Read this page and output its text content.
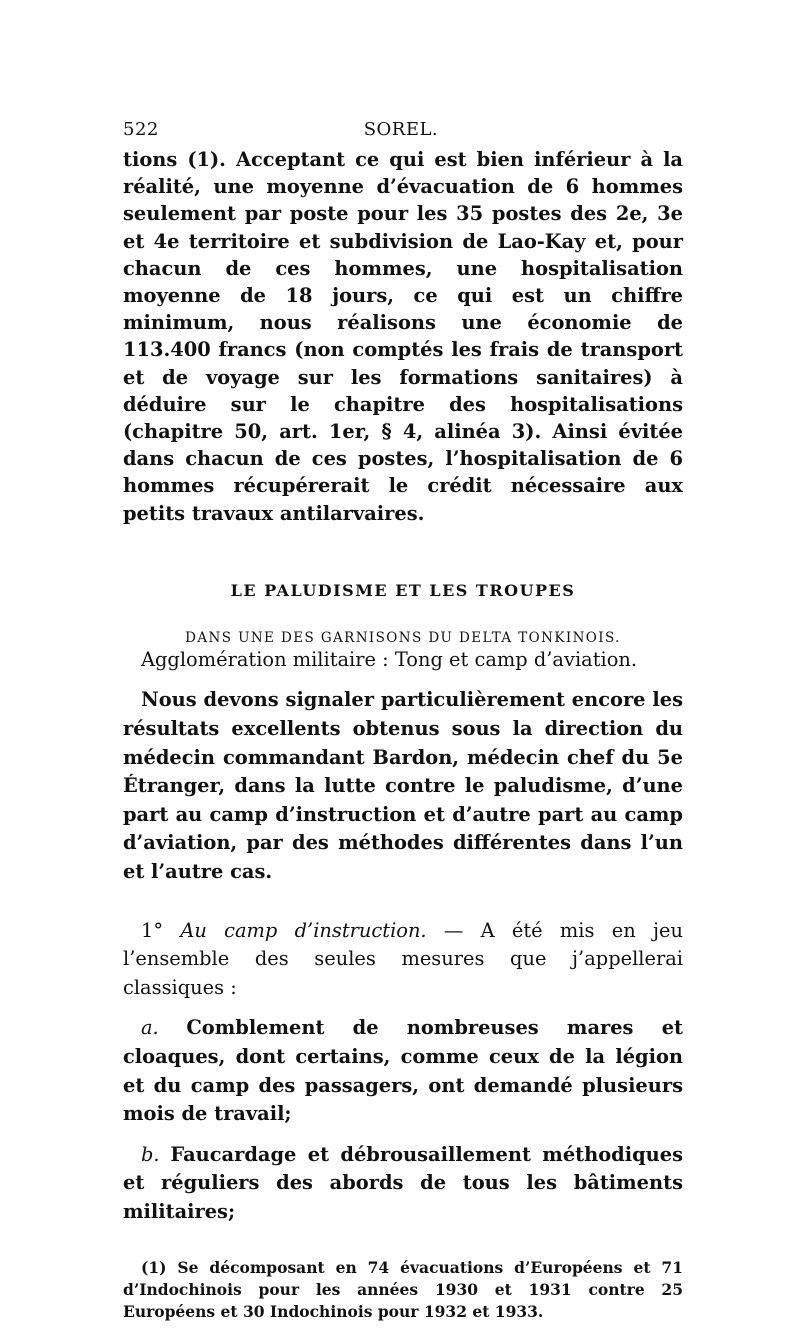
522	SOREL.

tions (1). Acceptant ce qui est bien inférieur à la réalité, une moyenne d’évacuation de 6 hommes seulement par poste pour les 35 postes des 2e, 3e et 4e territoire et subdivision de Lao-Kay et, pour chacun de ces hommes, une hospitalisation moyenne de 18 jours, ce qui est un chiffre minimum, nous réalisons une économie de 113.400 francs (non comptés les frais de transport et de voyage sur les formations sanitaires) à déduire sur le chapitre des hospitalisations (chapitre 50, art. 1er, § 4, alinéa 3). Ainsi évitée dans chacun de ces postes, l’hospitalisation de 6 hommes récupérerait le crédit nécessaire aux petits travaux antilarvaires.

LE PALUDISME ET LES TROUPES
DANS UNE DES GARNISONS DU DELTA TONKINOIS.

Agglomération militaire : Tong et camp d’aviation.

Nous devons signaler particulièrement encore les résultats excellents obtenus sous la direction du médecin commandant Bardon, médecin chef du 5e Étranger, dans la lutte contre le paludisme, d’une part au camp d’instruction et d’autre part au camp d’aviation, par des méthodes différentes dans l’un et l’autre cas.

1° Au camp d’instruction. — A été mis en jeu l’ensemble des seules mesures que j’appellerai classiques :

a. Comblement de nombreuses mares et cloaques, dont certains, comme ceux de la légion et du camp des passagers, ont demandé plusieurs mois de travail;

b. Faucardage et débrousaillement méthodiques et réguliers des abords de tous les bâtiments militaires;

(1) Se décomposant en 74 évacuations d’Européens et 71 d’Indochinois pour les années 1930 et 1931 contre 25 Européens et 30 Indochinois pour 1932 et 1933.
